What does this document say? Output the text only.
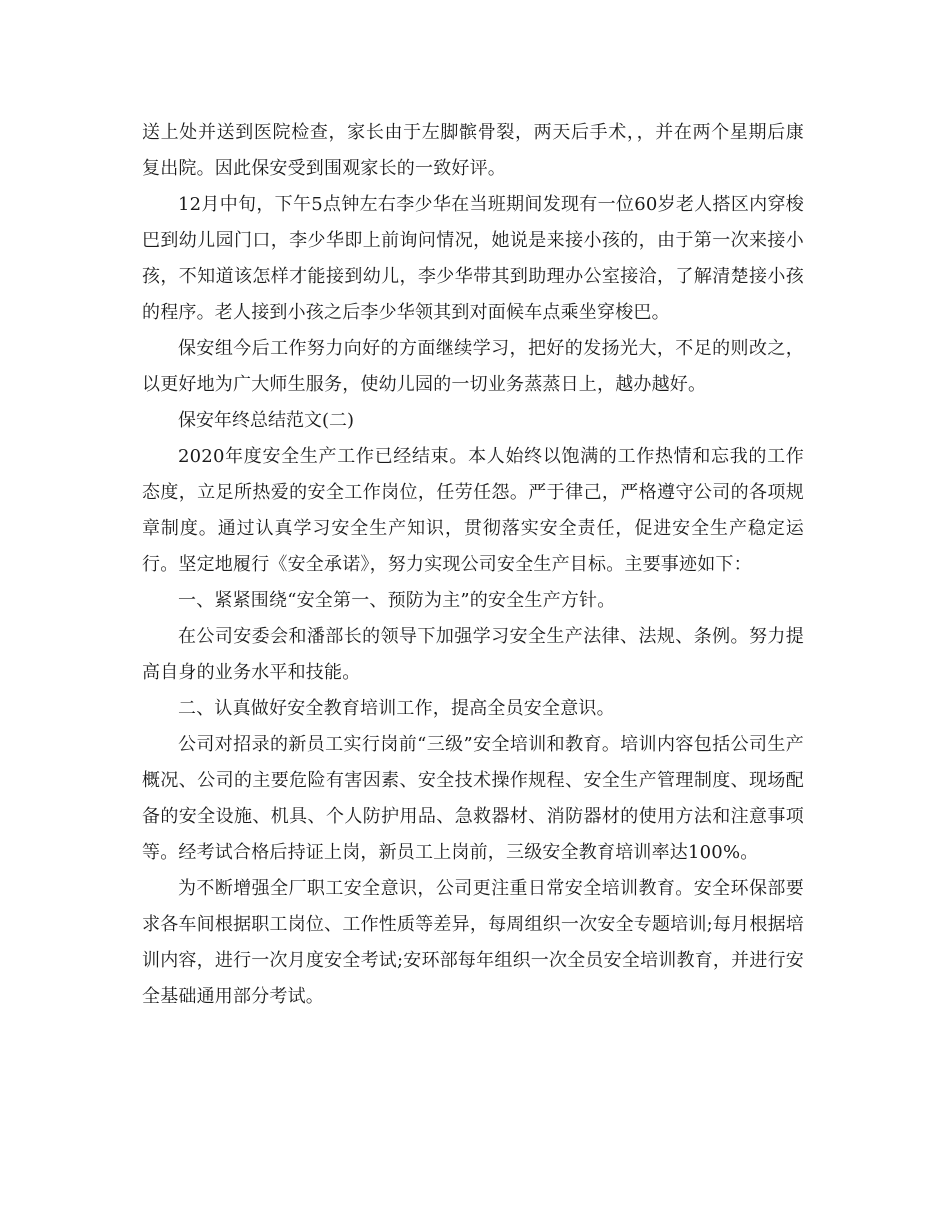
送上处并送到医院检查，家长由于左脚髌骨裂，两天后手术，，并在两个星期后康复出院。因此保安受到围观家长的一致好评。

12月中旬，下午5点钟左右李少华在当班期间发现有一位60岁老人搭区内穿梭巴到幼儿园门口，李少华即上前询问情况，她说是来接小孩的，由于第一次来接小孩，不知道该怎样才能接到幼儿，李少华带其到助理办公室接洽，了解清楚接小孩的程序。老人接到小孩之后李少华领其到对面候车点乘坐穿梭巴。

保安组今后工作努力向好的方面继续学习，把好的发扬光大，不足的则改之，以更好地为广大师生服务，使幼儿园的一切业务蒸蒸日上，越办越好。

保安年终总结范文(二)

2020年度安全生产工作已经结束。本人始终以饱满的工作热情和忘我的工作态度，立足所热爱的安全工作岗位，任劳任怨。严于律己，严格遵守公司的各项规章制度。通过认真学习安全生产知识，贯彻落实安全责任，促进安全生产稳定运行。坚定地履行《安全承诺》，努力实现公司安全生产目标。主要事迹如下：

一、紧紧围绕“安全第一、预防为主”的安全生产方针。

在公司安委会和潘部长的领导下加强学习安全生产法律、法规、条例。努力提高自身的业务水平和技能。

二、认真做好安全教育培训工作，提高全员安全意识。

公司对招录的新员工实行岗前“三级”安全培训和教育。培训内容包括公司生产概况、公司的主要危险有害因素、安全技术操作规程、安全生产管理制度、现场配备的安全设施、机具、个人防护用品、急救器材、消防器材的使用方法和注意事项等。经考试合格后持证上岗，新员工上岗前，三级安全教育培训率达100%。

为不断增强全厂职工安全意识，公司更注重日常安全培训教育。安全环保部要求各车间根据职工岗位、工作性质等差异，每周组织一次安全专题培训;每月根据培训内容，进行一次月度安全考试;安环部每年组织一次全员安全培训教育，并进行安全基础通用部分考试。
